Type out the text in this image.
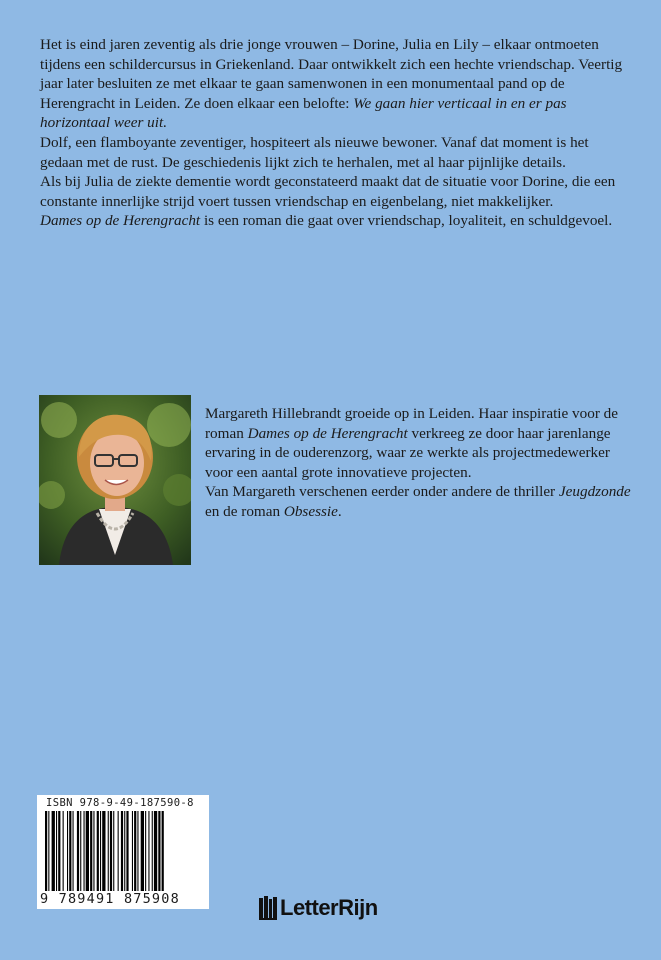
Het is eind jaren zeventig als drie jonge vrouwen – Dorine, Julia en Lily – elkaar ontmoeten tijdens een schildercursus in Griekenland. Daar ontwikkelt zich een hechte vriendschap. Veertig jaar later besluiten ze met elkaar te gaan samenwonen in een monumentaal pand op de Herengracht in Leiden. Ze doen elkaar een belofte: We gaan hier verticaal in en er pas horizontaal weer uit.

Dolf, een flamboyante zeventiger, hospiteert als nieuwe bewoner. Vanaf dat moment is het gedaan met de rust. De geschiedenis lijkt zich te herhalen, met al haar pijnlijke details.

Als bij Julia de ziekte dementie wordt geconstateerd maakt dat de situatie voor Dorine, die een constante innerlijke strijd voert tussen vriendschap en eigenbelang, niet makkelijker.

Dames op de Herengracht is een roman die gaat over vriendschap, loyaliteit, en schuldgevoel.

Margareth Hillebrandt groeide op in Leiden. Haar inspiratie voor de roman Dames op de Herengracht verkreeg ze door haar jarenlange ervaring in de ouderenzorg, waar ze werkte als projectmedewerker voor een aantal grote innovatieve projecten.

Van Margareth verschenen eerder onder andere de thriller Jeugdzonde en de roman Obsessie.

ISBN 978-9-49-187590-8
9 789491 875908	LetterRijn
